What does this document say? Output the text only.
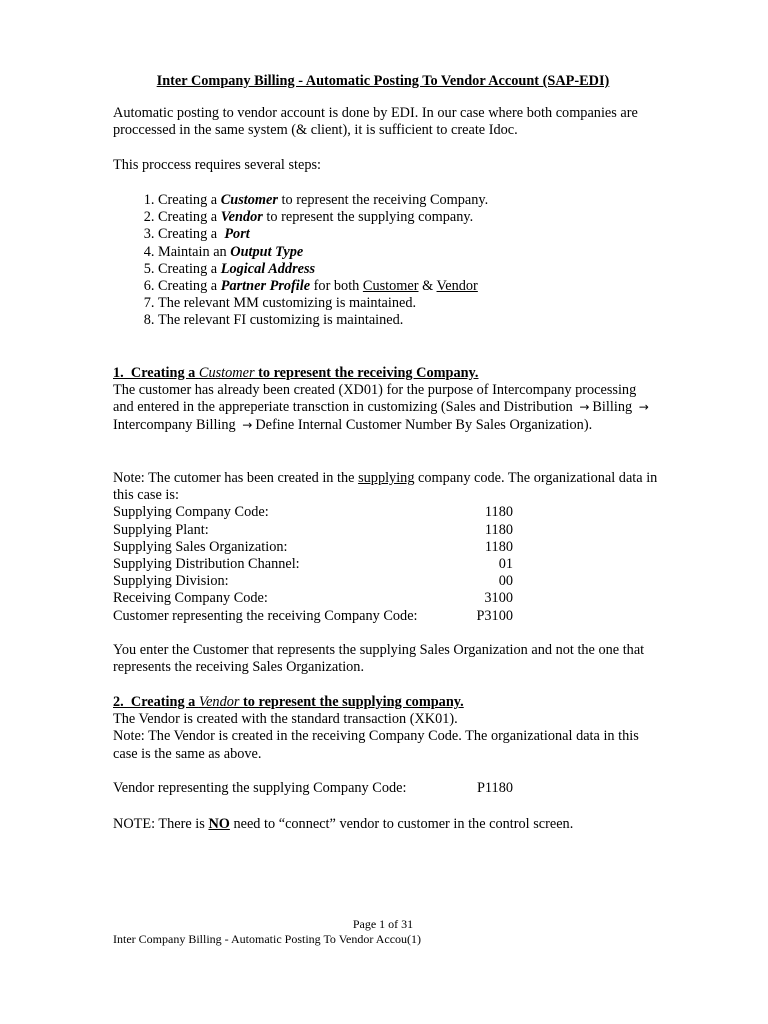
Inter Company Billing - Automatic Posting To Vendor Account (SAP-EDI)

Automatic posting to vendor account is done by EDI. In our case where both companies are proccessed in the same system (& client), it is sufficient to create Idoc.

This proccess requires several steps:

1. Creating a Customer to represent the receiving Company.
2. Creating a Vendor to represent the supplying company.
3. Creating a  Port
4. Maintain an Output Type
5. Creating a Logical Address
6. Creating a Partner Profile for both Customer & Vendor
7. The relevant MM customizing is maintained.
8. The relevant FI customizing is maintained.

1.  Creating a Customer to represent the receiving Company.

The customer has already been created (XD01) for the purpose of Intercompany processing and entered in the appreperiate transction in customizing (Sales and Distribution → Billing →Intercompany Billing → Define Internal Customer Number By Sales Organization).

Note: The cutomer has been created in the supplying company code. The organizational data in this case is:

Supplying Company Code:	1180
Supplying Plant:	1180
Supplying Sales Organization:	1180
Supplying Distribution Channel:	01
Supplying Division:	00
Receiving Company Code:	3100
Customer representing the receiving Company Code:	P3100

You enter the Customer that represents the supplying Sales Organization and not the one that represents the receiving Sales Organization.

2.  Creating a Vendor to represent the supplying company.

The Vendor is created with the standard transaction (XK01).

Note: The Vendor is created in the receiving Company Code. The organizational data in this case is the same as above.

Vendor representing the supplying Company Code:	P1180

NOTE: There is NO need to “connect” vendor to customer in the control screen.

Page 1 of 31
Inter Company Billing - Automatic Posting To Vendor Accou(1)
